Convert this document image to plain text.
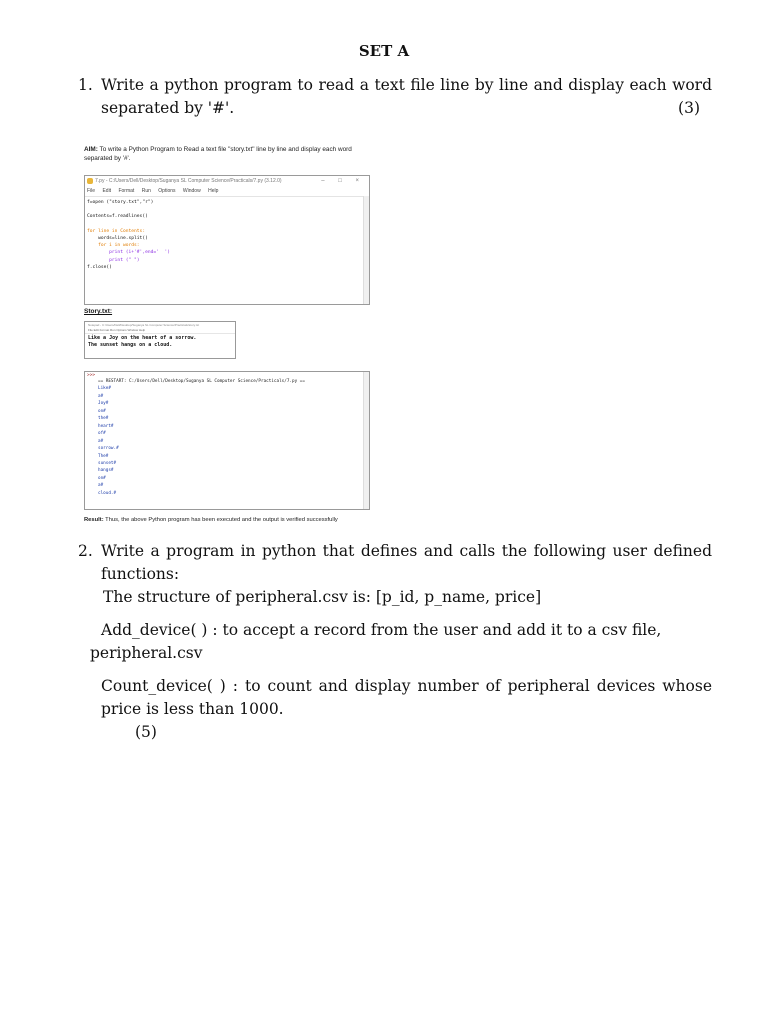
SET A
1. Write a python program to read a text file line by line and display each word separated by '#'.	(3)
AIM: To write a Python Program to Read a text file "story.txt" line by line and display each word separated by '#'.
7.py - C:/Users/Dell/Desktop/Suganya SL Computer Science/Practicals/7.py (3.12.0)	– □ ×
File Edit Format Run Options Window Help
f=open ("story.txt","r")

Contents=f.readlines()

for line in Contents:
words=line.split()
for i in words:
print (i+'#',end='  ')
print (" ")
f.close()
Story.txt:
Notepad - C:/Users/Dell/Desktop/Suganya SL Computer Science/Practicals/story.txt
File Edit Format Run Options Window Help
Like a Joy on the heart of a sorrow.
The sunset hangs on a cloud.
>>>
== RESTART: C:/Users/Dell/Desktop/Suganya SL Computer Science/Practicals/7.py ==
Like#
a#
Joy#
on#
the#
heart#
of#
a#
sorrow.#
The#
sunset#
hangs#
on#
a#
cloud.#
Result: Thus, the above Python program has been executed and the output is verified successfully
2. Write a program in python that defines and calls the following user defined functions:
The structure of peripheral.csv is: [p_id, p_name, price]
Add_device( ) : to accept a record from the user and add it to a csv file,
peripheral.csv
Count_device( ) : to count and display number of peripheral devices whose price is less than 1000.
(5)
